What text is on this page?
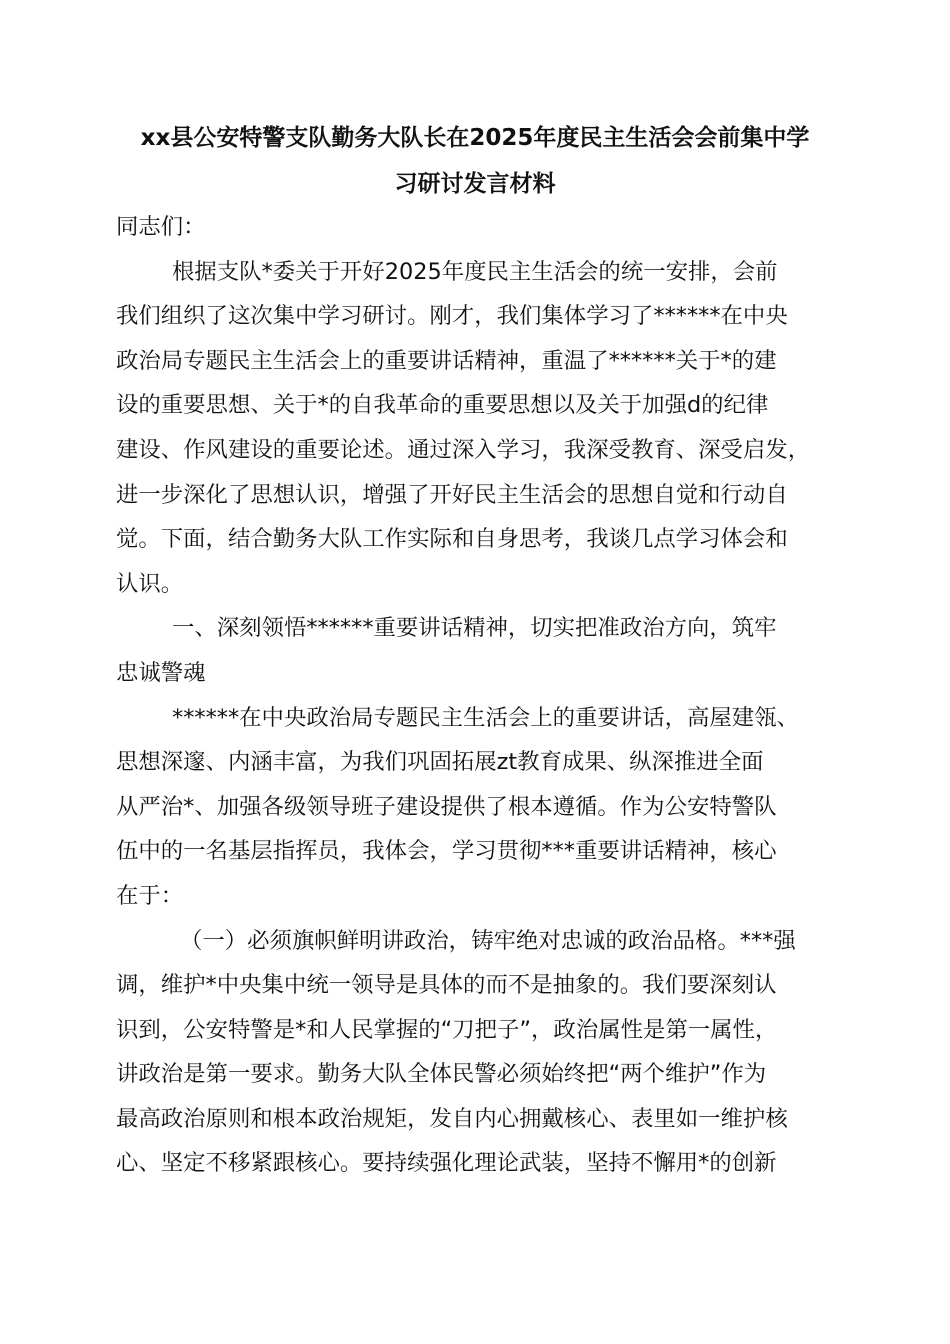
xx县公安特警支队勤务大队长在2025年度民主生活会会前集中学
习研讨发言材料
同志们：
根据支队*委关于开好2025年度民主生活会的统一安排，会前
我们组织了这次集中学习研讨。刚才，我们集体学习了******在中央
政治局专题民主生活会上的重要讲话精神，重温了******关于*的建
设的重要思想、关于*的自我革命的重要思想以及关于加强d的纪律
建设、作风建设的重要论述。通过深入学习，我深受教育、深受启发，
进一步深化了思想认识，增强了开好民主生活会的思想自觉和行动自
觉。下面，结合勤务大队工作实际和自身思考，我谈几点学习体会和
认识。
一、深刻领悟******重要讲话精神，切实把准政治方向，筑牢
忠诚警魂
******在中央政治局专题民主生活会上的重要讲话，高屋建瓴、
思想深邃、内涵丰富，为我们巩固拓展zt教育成果、纵深推进全面
从严治*、加强各级领导班子建设提供了根本遵循。作为公安特警队
伍中的一名基层指挥员，我体会，学习贯彻***重要讲话精神，核心
在于：
（一）必须旗帜鲜明讲政治，铸牢绝对忠诚的政治品格。***强
调，维护*中央集中统一领导是具体的而不是抽象的。我们要深刻认
识到，公安特警是*和人民掌握的“刀把子”，政治属性是第一属性，
讲政治是第一要求。勤务大队全体民警必须始终把“两个维护”作为
最高政治原则和根本政治规矩，发自内心拥戴核心、表里如一维护核
心、坚定不移紧跟核心。要持续强化理论武装，坚持不懈用*的创新
